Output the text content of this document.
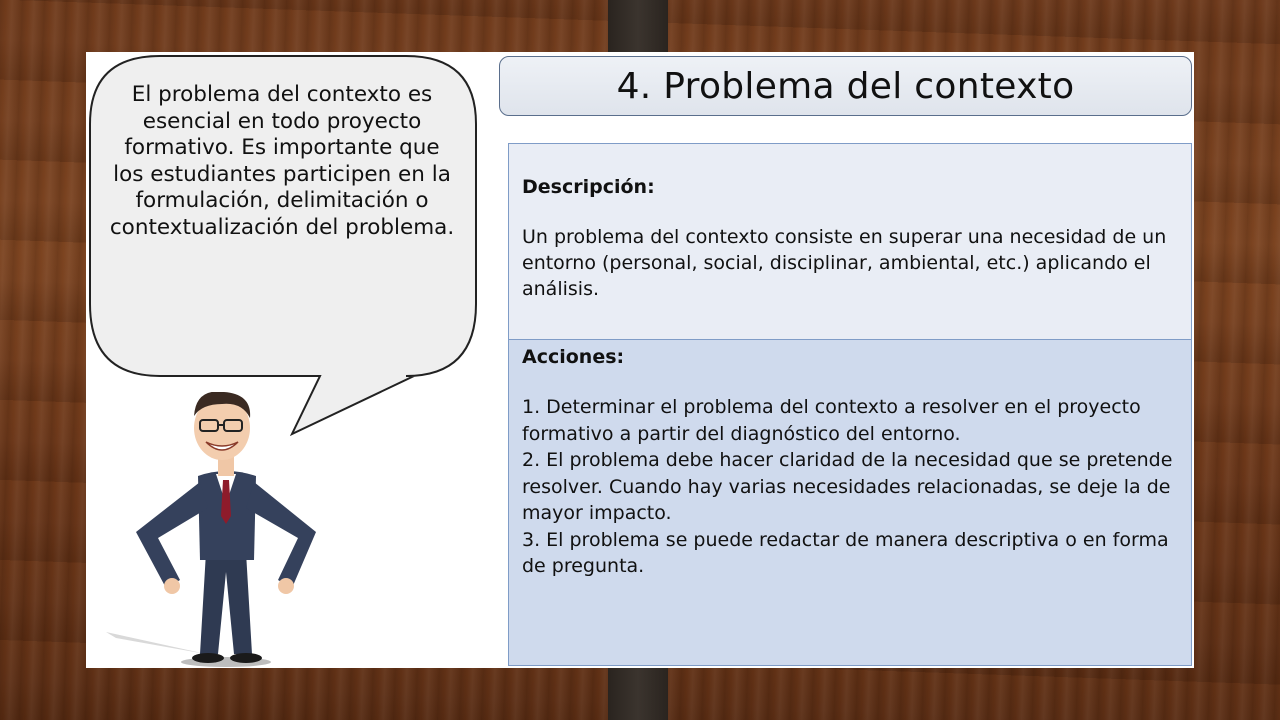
El problema del contexto es esencial en todo proyecto formativo. Es importante que los estudiantes participen en la formulación, delimitación o contextualización del problema.
4. Problema del contexto

Descripción:

Un problema del contexto consiste en superar una necesidad de un entorno (personal, social, disciplinar, ambiental, etc.) aplicando el análisis.

Acciones:

1. Determinar el problema del contexto a resolver en el proyecto formativo a partir del diagnóstico del entorno.

2. El problema debe hacer claridad de la necesidad que se pretende resolver. Cuando hay varias necesidades relacionadas, se deje la de mayor impacto.

3. El problema se puede redactar de manera descriptiva o en forma de pregunta.
